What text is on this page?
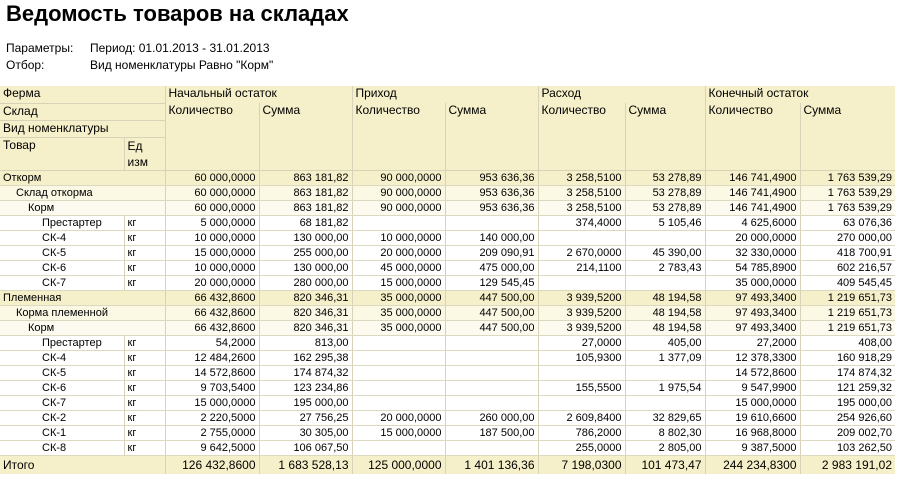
Ведомость товаров на складах
Параметры: Период: 01.01.2013 - 31.01.2013
Отбор:	Вид номенклатуры Равно "Корм"
Ферма		Начальный остаток		Приход		Расход		Конечный остаток	
Склад		Количество	Сумма	Количество	Сумма	Количество	Сумма	Количество	Сумма
Вид номенклатуры									
Товар	Ед изм								
Откорм		60 000,0000	863 181,82	90 000,0000	953 636,36	3 258,5100	53 278,89	146 741,4900	1 763 539,29
Склад откорма		60 000,0000	863 181,82	90 000,0000	953 636,36	3 258,5100	53 278,89	146 741,4900	1 763 539,29
Корм		60 000,0000	863 181,82	90 000,0000	953 636,36	3 258,5100	53 278,89	146 741,4900	1 763 539,29
Престартер	кг	5 000,0000	68 181,82			374,4000	5 105,46	4 625,6000	63 076,36
СК-4	кг	10 000,0000	130 000,00	10 000,0000	140 000,00			20 000,0000	270 000,00
СК-5	кг	15 000,0000	255 000,00	20 000,0000	209 090,91	2 670,0000	45 390,00	32 330,0000	418 700,91
СК-6	кг	10 000,0000	130 000,00	45 000,0000	475 000,00	214,1100	2 783,43	54 785,8900	602 216,57
СК-7	кг	20 000,0000	280 000,00	15 000,0000	129 545,45			35 000,0000	409 545,45
Племенная		66 432,8600	820 346,31	35 000,0000	447 500,00	3 939,5200	48 194,58	97 493,3400	1 219 651,73
Корма племенной		66 432,8600	820 346,31	35 000,0000	447 500,00	3 939,5200	48 194,58	97 493,3400	1 219 651,73
Корм		66 432,8600	820 346,31	35 000,0000	447 500,00	3 939,5200	48 194,58	97 493,3400	1 219 651,73
Престартер	кг	54,2000	813,00			27,0000	405,00	27,2000	408,00
СК-4	кг	12 484,2600	162 295,38			105,9300	1 377,09	12 378,3300	160 918,29
СК-5	кг	14 572,8600	174 874,32					14 572,8600	174 874,32
СК-6	кг	9 703,5400	123 234,86			155,5500	1 975,54	9 547,9900	121 259,32
СК-7	кг	15 000,0000	195 000,00					15 000,0000	195 000,00
СК-2	кг	2 220,5000	27 756,25	20 000,0000	260 000,00	2 609,8400	32 829,65	19 610,6600	254 926,60
СК-1	кг	2 755,0000	30 305,00	15 000,0000	187 500,00	786,2000	8 802,30	16 968,8000	209 002,70
СК-8	кг	9 642,5000	106 067,50			255,0000	2 805,00	9 387,5000	103 262,50
Итого		126 432,8600	1 683 528,13	125 000,0000	1 401 136,36	7 198,0300	101 473,47	244 234,8300	2 983 191,02
